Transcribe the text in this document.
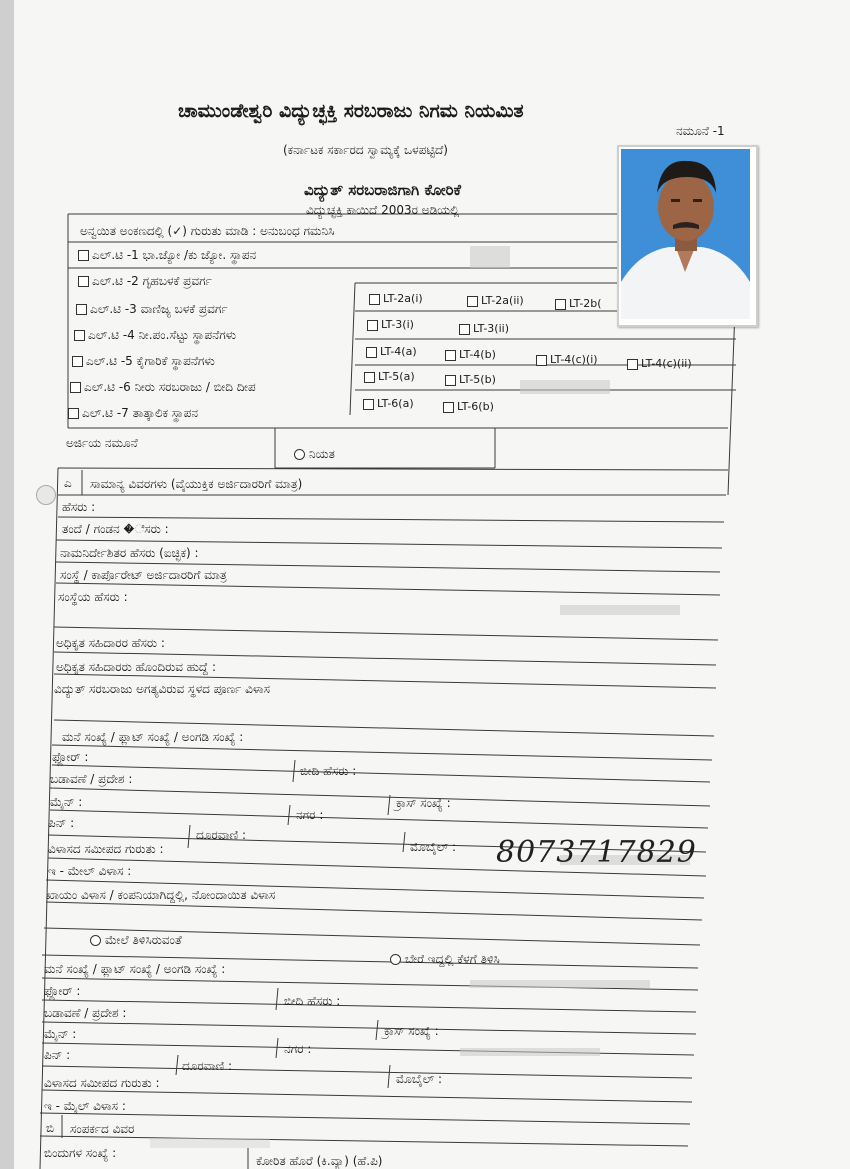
ಚಾಮುಂಡೇಶ್ವರಿ ವಿದ್ಯುಚ್ಛಕ್ತಿ ಸರಬರಾಜು ನಿಗಮ ನಿಯಮಿತ
(ಕರ್ನಾಟಕ ಸರ್ಕಾರದ ಸ್ವಾಮ್ಯಕ್ಕೆ ಒಳಪಟ್ಟಿದೆ)
ನಮೂನೆ -1
ವಿದ್ಯುತ್ ಸರಬರಾಜಿಗಾಗಿ ಕೋರಿಕೆ
ವಿದ್ಯುಚ್ಛಕ್ತಿ ಕಾಯಿದೆ 2003ರ ಅಡಿಯಲ್ಲಿ
ಅನ್ವಯಿತ ಅಂಕಣದಲ್ಲಿ (✓) ಗುರುತು ಮಾಡಿ : ಅನುಬಂಧ ಗಮನಿಸಿ
ಎಲ್.ಟಿ -1 ಭಾ.ಜ್ಯೋ /ಕು ಜ್ಯೋ. ಸ್ಥಾಪನ
ಎಲ್.ಟಿ -2 ಗೃಹಬಳಕೆ ಪ್ರವರ್ಗ
ಎಲ್.ಟಿ -3 ವಾಣಿಜ್ಯ ಬಳಕೆ ಪ್ರವರ್ಗ
ಎಲ್.ಟಿ -4 ನೀ.ಪಂ.ಸೆಟ್ಟು ಸ್ಥಾಪನೆಗಳು
ಎಲ್.ಟಿ -5 ಕೈಗಾರಿಕೆ ಸ್ಥಾಪನೆಗಳು
ಎಲ್.ಟಿ -6 ನೀರು ಸರಬರಾಜು / ಬೀದಿ ದೀಪ
ಎಲ್.ಟಿ -7 ತಾತ್ಕಾಲಿಕ ಸ್ಥಾಪನ
LT-2a(i)	LT-2a(ii)	LT-2b(
LT-3(i)	LT-3(ii)
LT-4(a)	LT-4(b)	LT-4(c)(i)	LT-4(c)(ii)
LT-5(a)	LT-5(b)
LT-6(a)	LT-6(b)
ಅರ್ಜಿಯ ನಮೂನೆ
ನಿಯತ
ಎ ಸಾಮಾನ್ಯ ವಿವರಗಳು (ವೈಯುಕ್ತಿಕ ಅರ್ಜಿದಾರರಿಗೆ ಮಾತ್ರ)
ಹೆಸರು :
ತಂದೆ / ಗಂಡನ �ೆಸರು :
ನಾಮನಿರ್ದೇಶಿತರ ಹೆಸರು (ಐಚ್ಛಿಕ) :
ಸಂಸ್ಥೆ / ಕಾರ್ಪೊರೇಟ್ ಅರ್ಜಿದಾರರಿಗೆ ಮಾತ್ರ
ಸಂಸ್ಥೆಯ ಹೆಸರು :
ಅಧಿಕೃತ ಸಹಿದಾರರ ಹೆಸರು :
ಅಧಿಕೃತ ಸಹಿದಾರರು ಹೊಂದಿರುವ ಹುದ್ದೆ :
ವಿದ್ಯುತ್ ಸರಬರಾಜು ಅಗತ್ಯವಿರುವ ಸ್ಥಳದ ಪೂರ್ಣ ವಿಳಾಸ
ಮನೆ ಸಂಖ್ಯೆ / ಫ್ಲಾಟ್ ಸಂಖ್ಯೆ / ಅಂಗಡಿ ಸಂಖ್ಯೆ :
ಫ್ಲೋರ್ :
ಬೀದಿ ಹೆಸರು :
ಬಡಾವಣೆ / ಪ್ರದೇಶ :
ಮೈನ್ :	ಕ್ರಾಸ್ ಸಂಖ್ಯೆ :
ನಗರ :
ಪಿನ್ :
ದೂರವಾಣಿ :
ಮೊಬೈಲ್ : 8073717829
ವಿಳಾಸದ ಸಮೀಪದ ಗುರುತು :
ಇ - ಮೇಲ್ ವಿಳಾಸ :
ಖಾಯಂ ವಿಳಾಸ / ಕಂಪನಿಯಾಗಿದ್ದಲ್ಲಿ, ನೋಂದಾಯಿತ ವಿಳಾಸ
ಮೇಲೆ ತಿಳಿಸಿರುವಂತೆ
ಬೇರೆ ಇದ್ದಲ್ಲಿ ಕೆಳಗೆ ತಿಳಿಸಿ
ಮನೆ ಸಂಖ್ಯೆ / ಫ್ಲಾಟ್ ಸಂಖ್ಯೆ / ಅಂಗಡಿ ಸಂಖ್ಯೆ :
ಫ್ಲೋರ್ :
ಬೀದಿ ಹೆಸರು :
ಬಡಾವಣೆ / ಪ್ರದೇಶ :
ಮೈನ್ :	ಕ್ರಾಸ್ ಸಂಖ್ಯೆ :
ನಗರ :
ಪಿನ್ :
ದೂರವಾಣಿ :
ಮೊಬೈಲ್ :
ವಿಳಾಸದ ಸಮೀಪದ ಗುರುತು :
ಇ - ಮೈಲ್ ವಿಳಾಸ :
ಬಿ ಸಂಪರ್ಕದ ವಿವರ
ಬಿಂದುಗಳ ಸಂಖ್ಯೆ :
ಕೋರಿತ ಹೊರೆ (ಕಿ.ವ್ಯಾ) (ಹೆ.ಪಿ)
